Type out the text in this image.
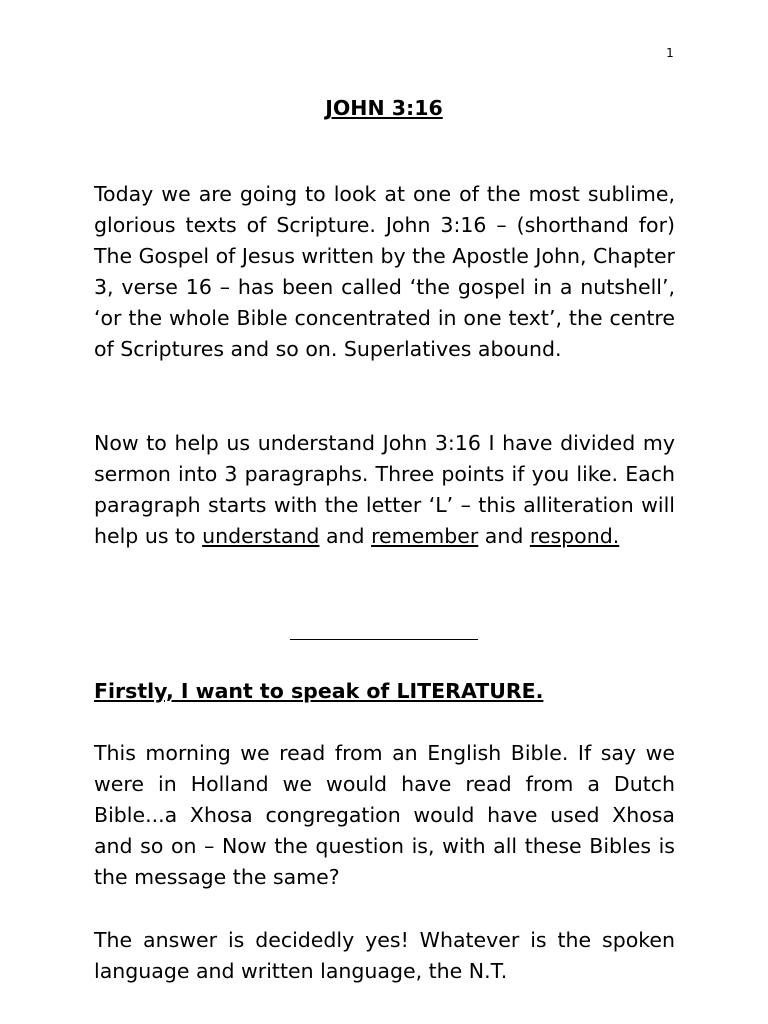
1
JOHN 3:16

Today we are going to look at one of the most sublime, glorious texts of Scripture. John 3:16 – (shorthand for) The Gospel of Jesus written by the Apostle John, Chapter 3, verse 16 – has been called ‘the gospel in a nutshell’, ‘or the whole Bible concentrated in one text’, the centre of Scriptures and so on. Superlatives abound.

Now to help us understand John 3:16 I have divided my sermon into 3 paragraphs. Three points if you like. Each paragraph starts with the letter ‘L’ – this alliteration will help us to understand and remember and respond.

Firstly, I want to speak of LITERATURE.

This morning we read from an English Bible. If say we were in Holland we would have read from a Dutch Bible...a Xhosa congregation would have used Xhosa and so on – Now the question is, with all these Bibles is the message the same?

The answer is decidedly yes! Whatever is the spoken language and written language, the N.T.
